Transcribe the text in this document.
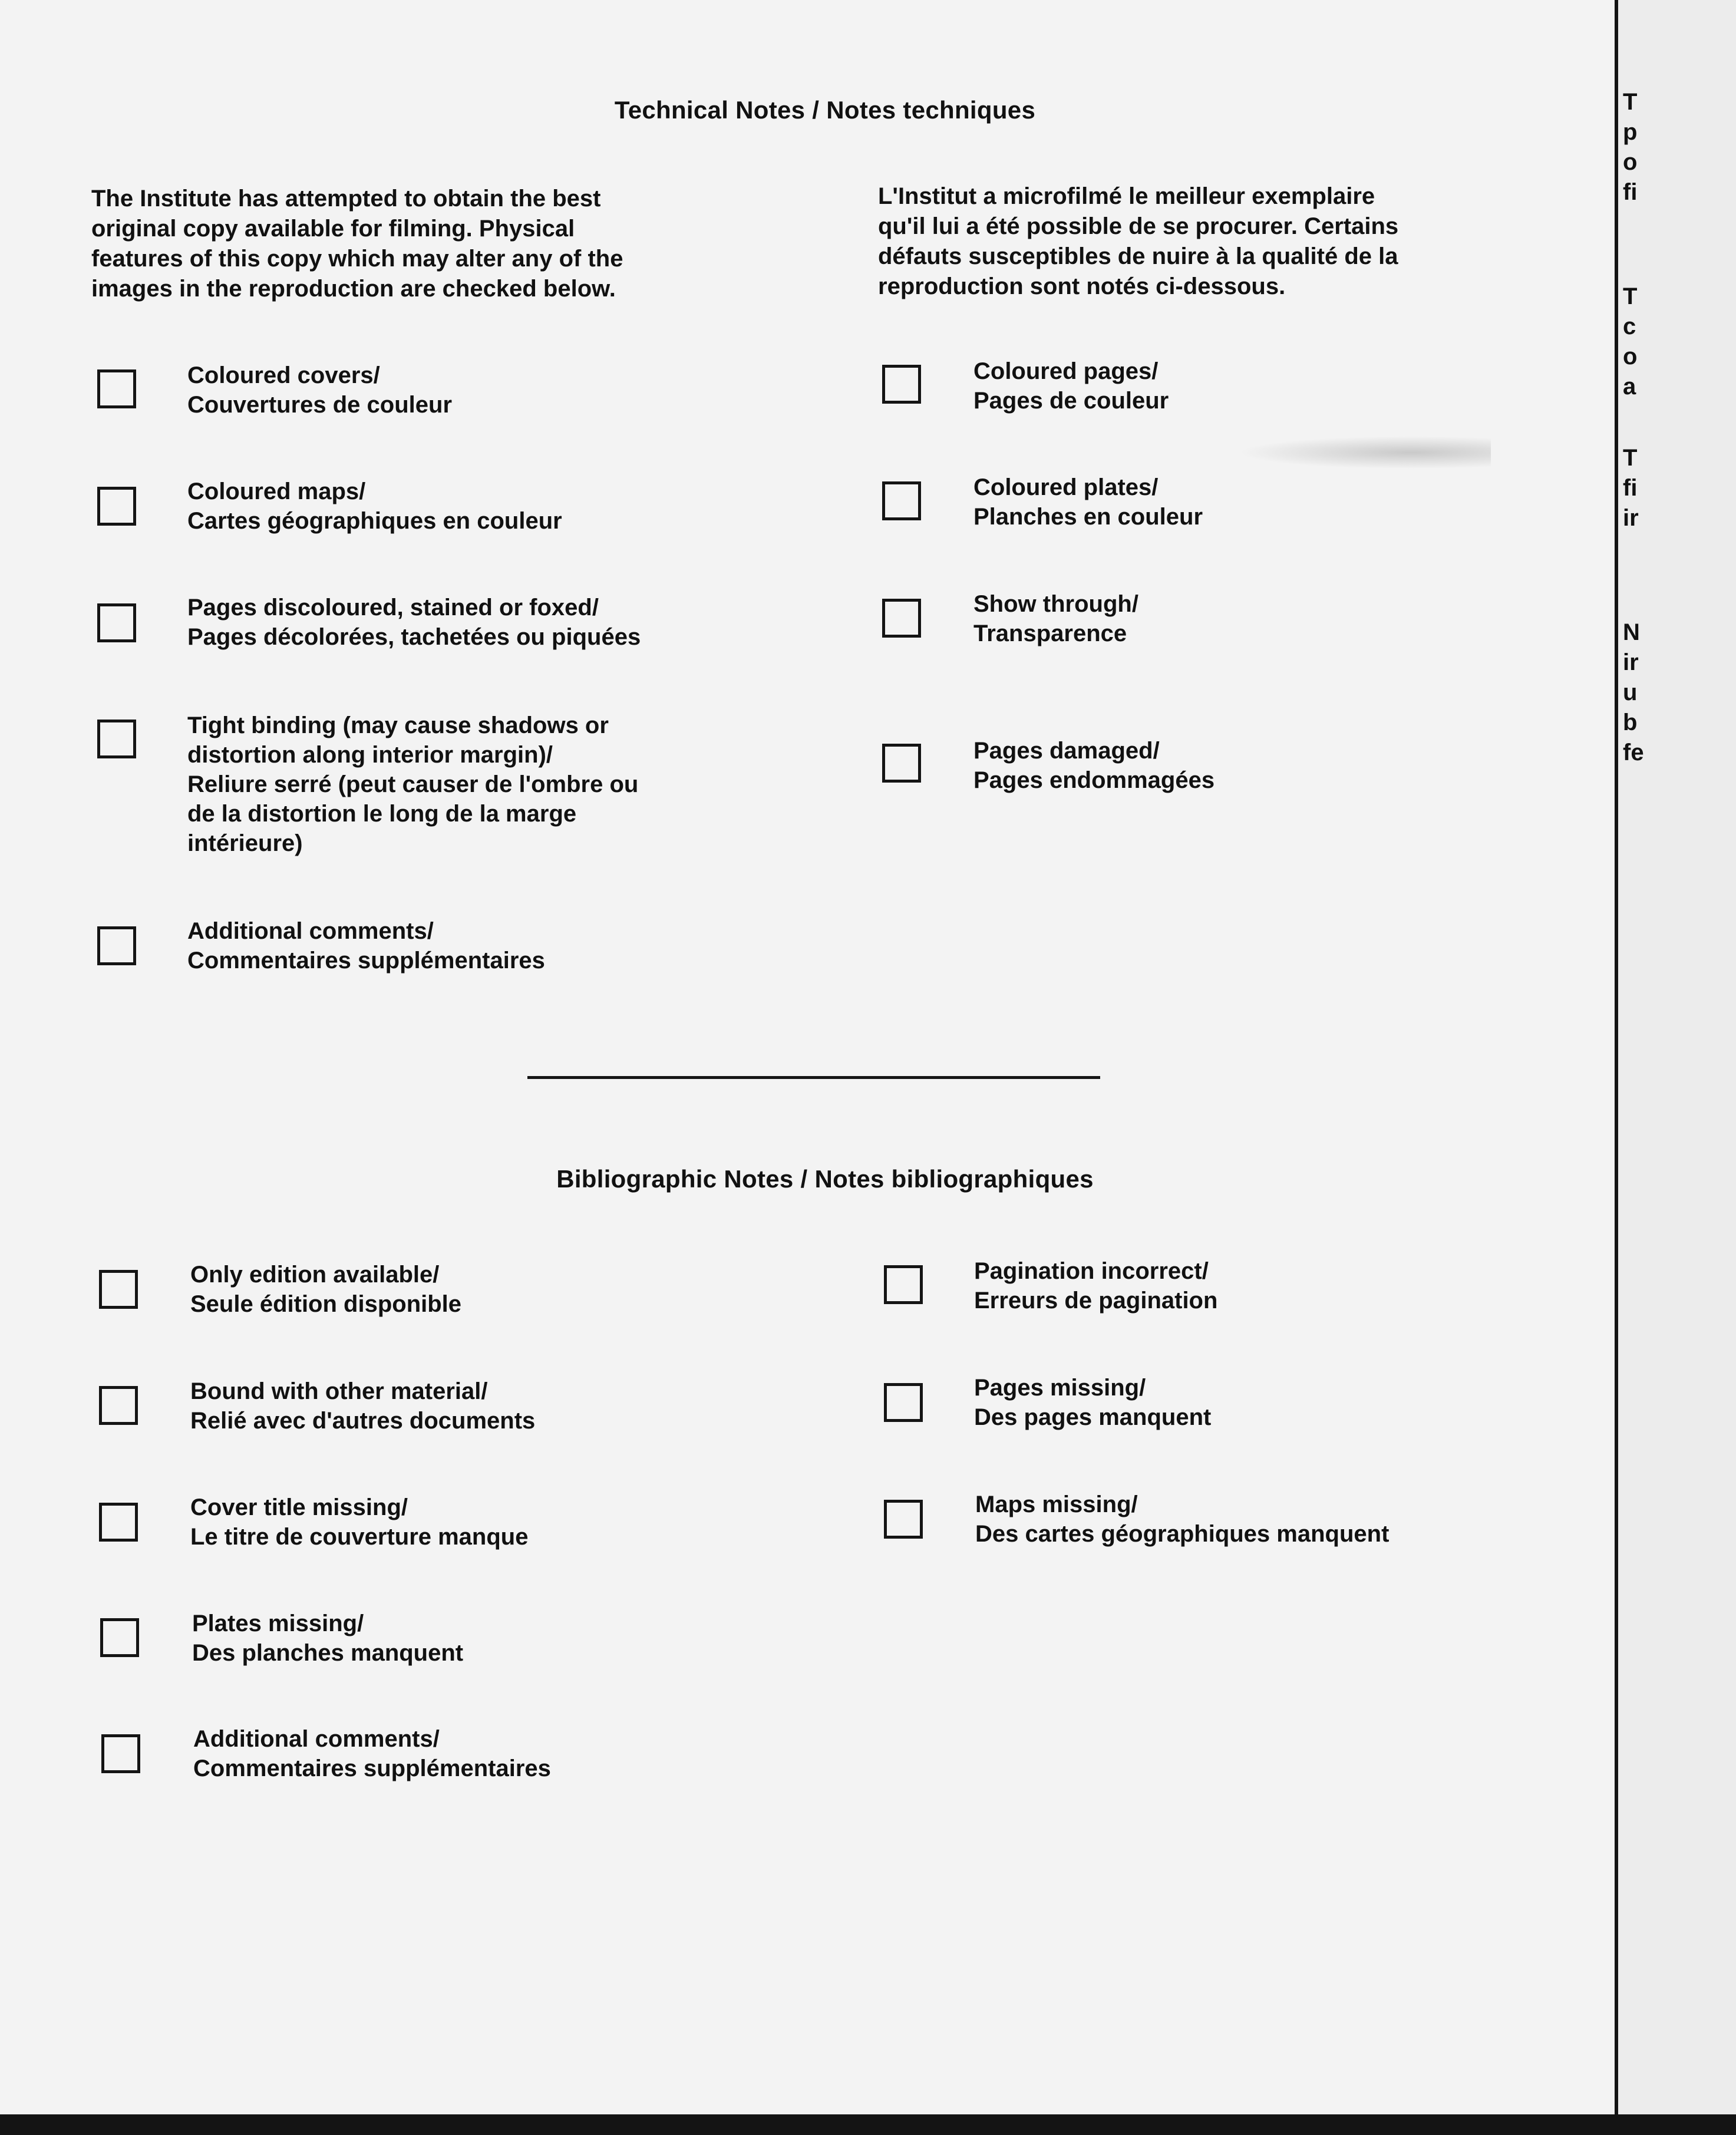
Technical Notes / Notes techniques
The Institute has attempted to obtain the best
original copy available for filming. Physical
features of this copy which may alter any of the
images in the reproduction are checked below.
L'Institut a microfilmé le meilleur exemplaire
qu'il lui a été possible de se procurer. Certains
défauts susceptibles de nuire à la qualité de la
reproduction sont notés ci-dessous.
Coloured covers/
Couvertures de couleur
Coloured maps/
Cartes géographiques en couleur
Pages discoloured, stained or foxed/
Pages décolorées, tachetées ou piquées
Tight binding (may cause shadows or
distortion along interior margin)/
Reliure serré (peut causer de l'ombre ou
de la distortion le long de la marge
intérieure)
Additional comments/
Commentaires supplémentaires
Coloured pages/
Pages de couleur
Coloured plates/
Planches en couleur
Show through/
Transparence
Pages damaged/
Pages endommagées
Bibliographic Notes / Notes bibliographiques
Only edition available/
Seule édition disponible
Bound with other material/
Relié avec d'autres documents
Cover title missing/
Le titre de couverture manque
Plates missing/
Des planches manquent
Additional comments/
Commentaires supplémentaires
Pagination incorrect/
Erreurs de pagination
Pages missing/
Des pages manquent
Maps missing/
Des cartes géographiques manquent
T
p
o
fi
T
c
o
a
T
fi
ir
N
ir
u
b
fe
